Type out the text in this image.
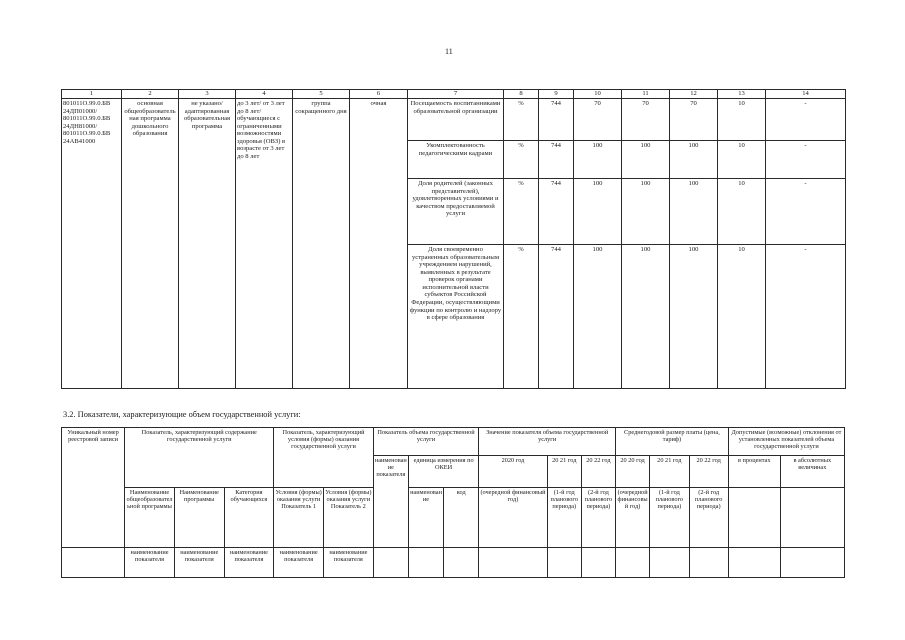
11
1	2	3	4	5	6	7	8	9	10	11	12	13	14
801011О.99.0.БВ 24ДП01000/ 801011О.99.0.БВ 24ДН81000/ 801011О.99.0.БВ 24АВ41000	основная общеобразовательная программа дошкольного образования	не указано/ адаптированная образовательная программа	до 3 лет/ от 3 лет до 8 лет/ обучающиеся с ограниченными возможностями здоровья (ОВЗ) в возрасте от 3 лет до 8 лет	группа сокращенного дня	очная	Посещаемость воспитанниками образовательной организации	%	744	70	70	70	10	-
						Укомплектованность педагогическими кадрами	%	744	100	100	100	10	-
						Доля родителей (законных представителей), удовлетворенных условиями и качеством предоставляемой услуги	%	744	100	100	100	10	-
						Доля своевременно устраненных образовательным учреждением нарушений, выявленных в результате проверок органами исполнительной власти субъектов Российской Федерации, осуществляющими функции по контролю и надзору в сфере образования	%	744	100	100	100	10	-
3.2. Показатели, характеризующие объем государственной услуги:
Уникальный номер реестровой записи	Показатель, характеризующий содержание государственной услуги			Показатель, характеризующий условия (формы) оказания государственной услуги		Показатель объема государственной услуги			Значение показателя объема государственной услуги			Среднегодовой размер платы (цена, тариф)			Допустимые (возможные) отклонения от установленных показателей объема государственной услуги	
						наименование показателя	единица измерения по ОКЕИ		2020 год	20 21 год	20 22 год	20 20 год	20 21 год	20 22 год	в процентах	в абсолютных величинах
	Наименование общеобразовательной программы	Наименование программы	Категория обучающихся	Условия (формы) оказания услуги Показатель 1	Условия (формы) оказания услуги Показатель 2		наименование	код	(очередной финансовый год)	(1-й год планового периода)	(2-й год планового периода)	(очередной финансовый год)	(1-й год планового периода)	(2-й год планового периода)		
	наименование показателя	наименование показателя	наименование показателя	наименование показателя	наименование показателя											
